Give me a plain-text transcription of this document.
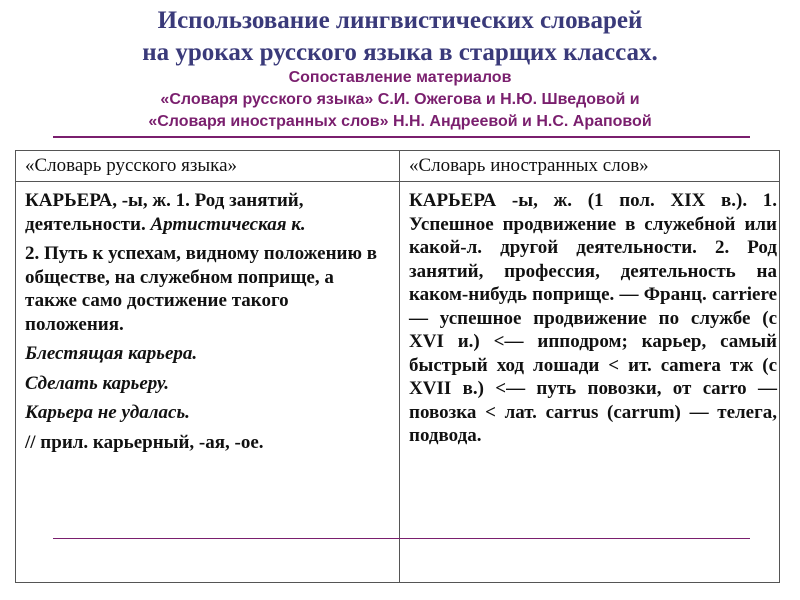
Использование лингвистических словарей
на уроках русского языка в старщих классах.
Сопоставление материалов
«Словаря русского языка» С.И. Ожегова и Н.Ю. Шведовой и
«Словаря иностранных слов» Н.Н. Андреевой и Н.С. Араповой
«Словарь русского языка»	«Словарь иностранных слов»

КАРЬЕРА, -ы, ж. 1. Род занятий, деятельности. Артистическая к.

2. Путь к успехам, видному положению в обществе, на служебном поприще, а также само достижение такого положения.

Блестящая карьера.

Сделать карьеру.

Карьера не удалась.

// прил. карьерный, -ая, -ое.

КАРЬЕРА -ы, ж. (1 пол. XIX в.). 1. Успешное продвижение в служебной или какой-л. другой деятельности. 2. Род занятий, профессия, деятельность на каком-нибудь поприще. — Франц. carriere — успешное продвижение по службе (с XVI и.) <— ипподром; карьер, самый быстрый ход лошади < ит. camera тж (с XVII в.) <— путь повозки, от carro — повозка < лат. carrus (carrum) — телега, подвода.
